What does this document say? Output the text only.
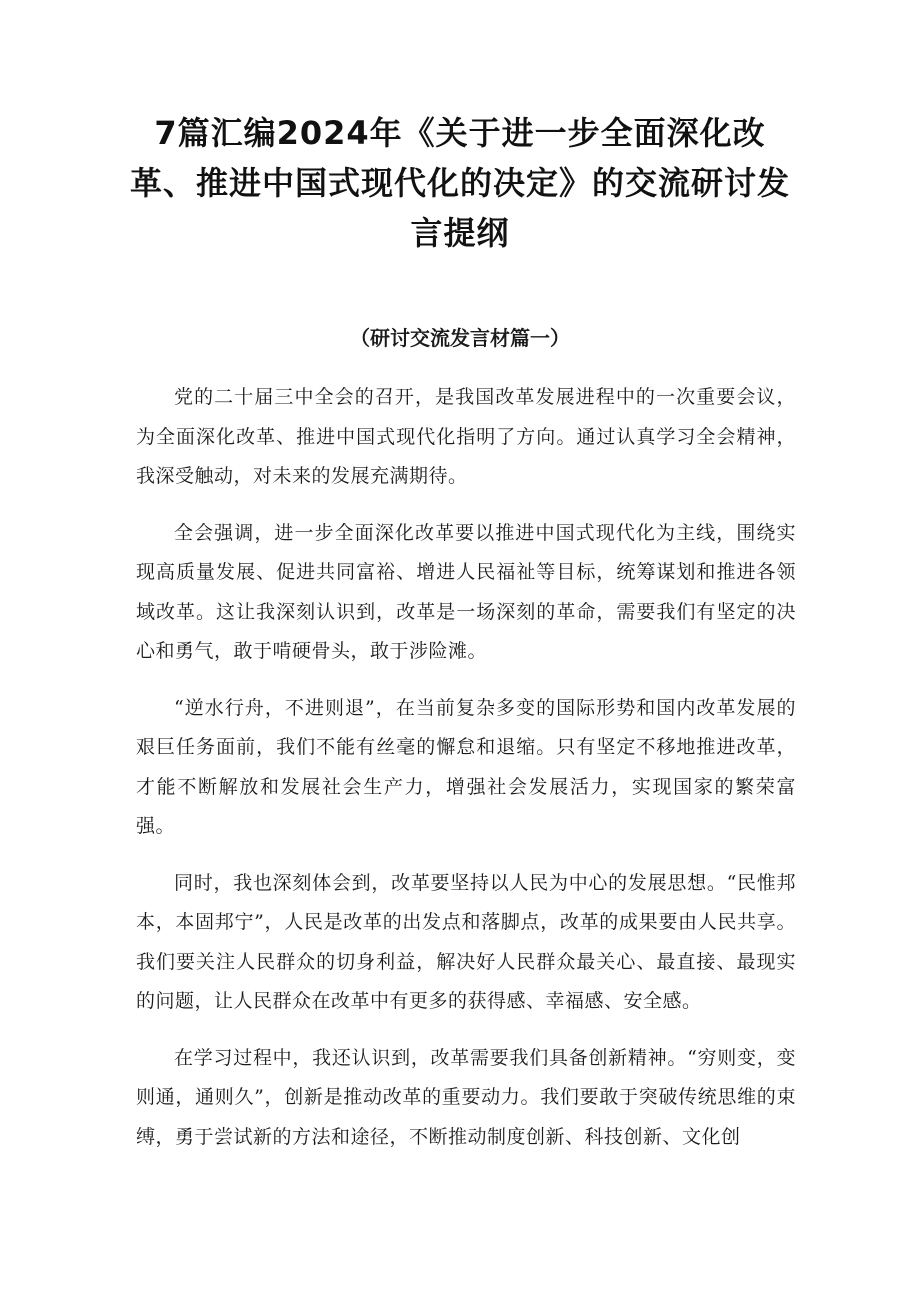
7篇汇编2024年《关于进一步全面深化改革、推进中国式现代化的决定》的交流研讨发言提纲
（研讨交流发言材篇一）

党的二十届三中全会的召开，是我国改革发展进程中的一次重要会议，为全面深化改革、推进中国式现代化指明了方向。通过认真学习全会精神，我深受触动，对未来的发展充满期待。

全会强调，进一步全面深化改革要以推进中国式现代化为主线，围绕实现高质量发展、促进共同富裕、增进人民福祉等目标，统筹谋划和推进各领域改革。这让我深刻认识到，改革是一场深刻的革命，需要我们有坚定的决心和勇气，敢于啃硬骨头，敢于涉险滩。

“逆水行舟，不进则退”，在当前复杂多变的国际形势和国内改革发展的艰巨任务面前，我们不能有丝毫的懈怠和退缩。只有坚定不移地推进改革，才能不断解放和发展社会生产力，增强社会发展活力，实现国家的繁荣富强。

同时，我也深刻体会到，改革要坚持以人民为中心的发展思想。“民惟邦本，本固邦宁”，人民是改革的出发点和落脚点，改革的成果要由人民共享。我们要关注人民群众的切身利益，解决好人民群众最关心、最直接、最现实的问题，让人民群众在改革中有更多的获得感、幸福感、安全感。

在学习过程中，我还认识到，改革需要我们具备创新精神。“穷则变，变则通，通则久”，创新是推动改革的重要动力。我们要敢于突破传统思维的束缚，勇于尝试新的方法和途径，不断推动制度创新、科技创新、文化创
